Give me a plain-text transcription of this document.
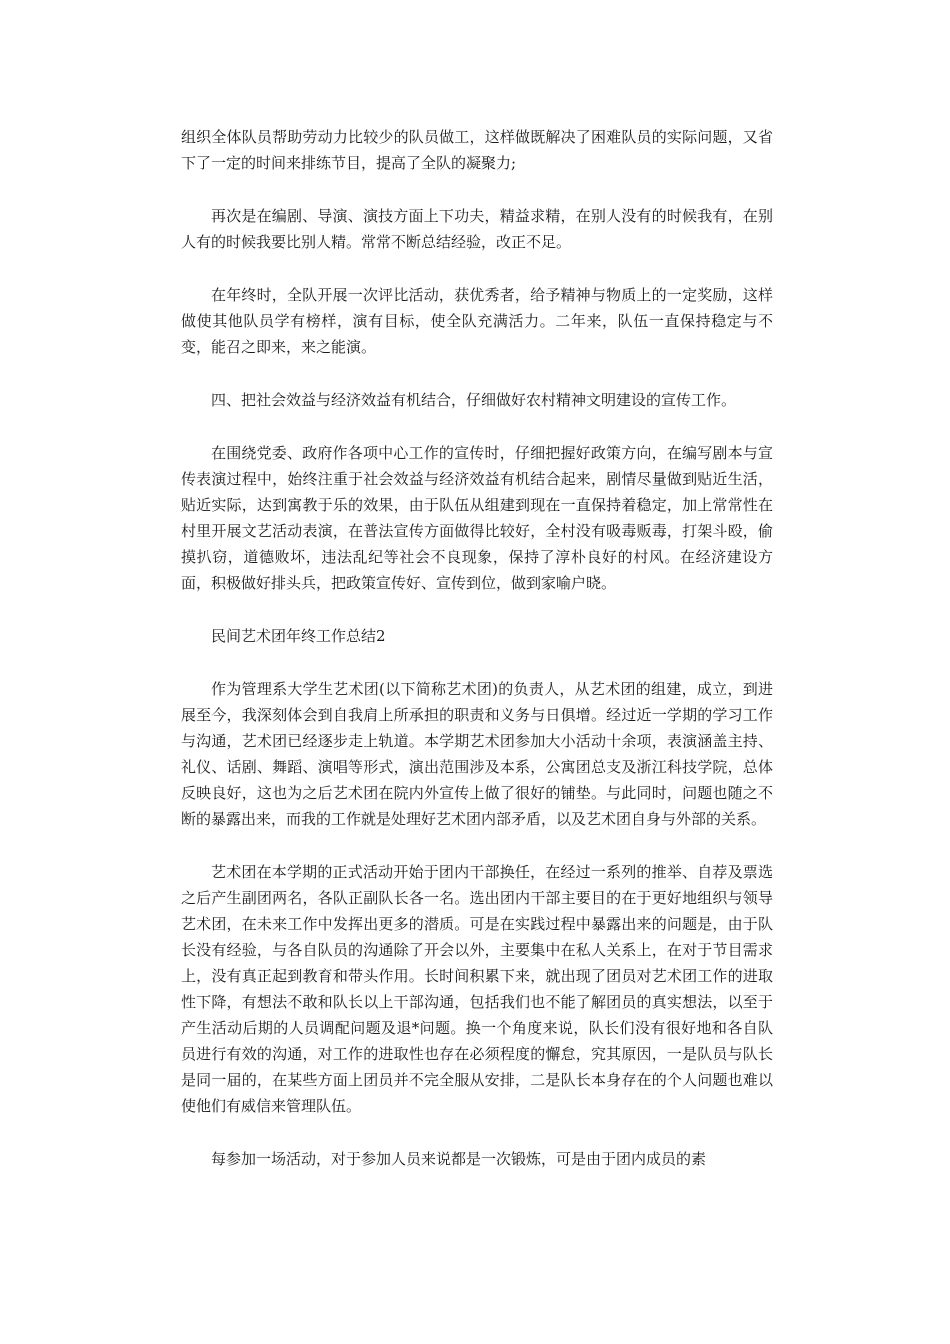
组织全体队员帮助劳动力比较少的队员做工，这样做既解决了困难队员的实际问题，又省下了一定的时间来排练节目，提高了全队的凝聚力;

再次是在编剧、导演、演技方面上下功夫，精益求精，在别人没有的时候我有，在别人有的时候我要比别人精。常常不断总结经验，改正不足。

在年终时，全队开展一次评比活动，获优秀者，给予精神与物质上的一定奖励，这样做使其他队员学有榜样，演有目标，使全队充满活力。二年来，队伍一直保持稳定与不变，能召之即来，来之能演。

四、把社会效益与经济效益有机结合，仔细做好农村精神文明建设的宣传工作。

在围绕党委、政府作各项中心工作的宣传时，仔细把握好政策方向，在编写剧本与宣传表演过程中，始终注重于社会效益与经济效益有机结合起来，剧情尽量做到贴近生活，贴近实际，达到寓教于乐的效果，由于队伍从组建到现在一直保持着稳定，加上常常性在村里开展文艺活动表演，在普法宣传方面做得比较好，全村没有吸毒贩毒，打架斗殴，偷摸扒窃，道德败坏，违法乱纪等社会不良现象，保持了淳朴良好的村风。在经济建设方面，积极做好排头兵，把政策宣传好、宣传到位，做到家喻户晓。

民间艺术团年终工作总结2

作为管理系大学生艺术团(以下简称艺术团)的负责人，从艺术团的组建，成立，到进展至今，我深刻体会到自我肩上所承担的职责和义务与日俱增。经过近一学期的学习工作与沟通，艺术团已经逐步走上轨道。本学期艺术团参加大小活动十余项，表演涵盖主持、礼仪、话剧、舞蹈、演唱等形式，演出范围涉及本系，公寓团总支及浙江科技学院，总体反映良好，这也为之后艺术团在院内外宣传上做了很好的铺垫。与此同时，问题也随之不断的暴露出来，而我的工作就是处理好艺术团内部矛盾，以及艺术团自身与外部的关系。

艺术团在本学期的正式活动开始于团内干部换任，在经过一系列的推举、自荐及票选之后产生副团两名，各队正副队长各一名。选出团内干部主要目的在于更好地组织与领导艺术团，在未来工作中发挥出更多的潜质。可是在实践过程中暴露出来的问题是，由于队长没有经验，与各自队员的沟通除了开会以外，主要集中在私人关系上，在对于节目需求上，没有真正起到教育和带头作用。长时间积累下来，就出现了团员对艺术团工作的进取性下降，有想法不敢和队长以上干部沟通，包括我们也不能了解团员的真实想法，以至于产生活动后期的人员调配问题及退*问题。换一个角度来说，队长们没有很好地和各自队员进行有效的沟通，对工作的进取性也存在必须程度的懈怠，究其原因，一是队员与队长是同一届的，在某些方面上团员并不完全服从安排，二是队长本身存在的个人问题也难以使他们有威信来管理队伍。

每参加一场活动，对于参加人员来说都是一次锻炼，可是由于团内成员的素
